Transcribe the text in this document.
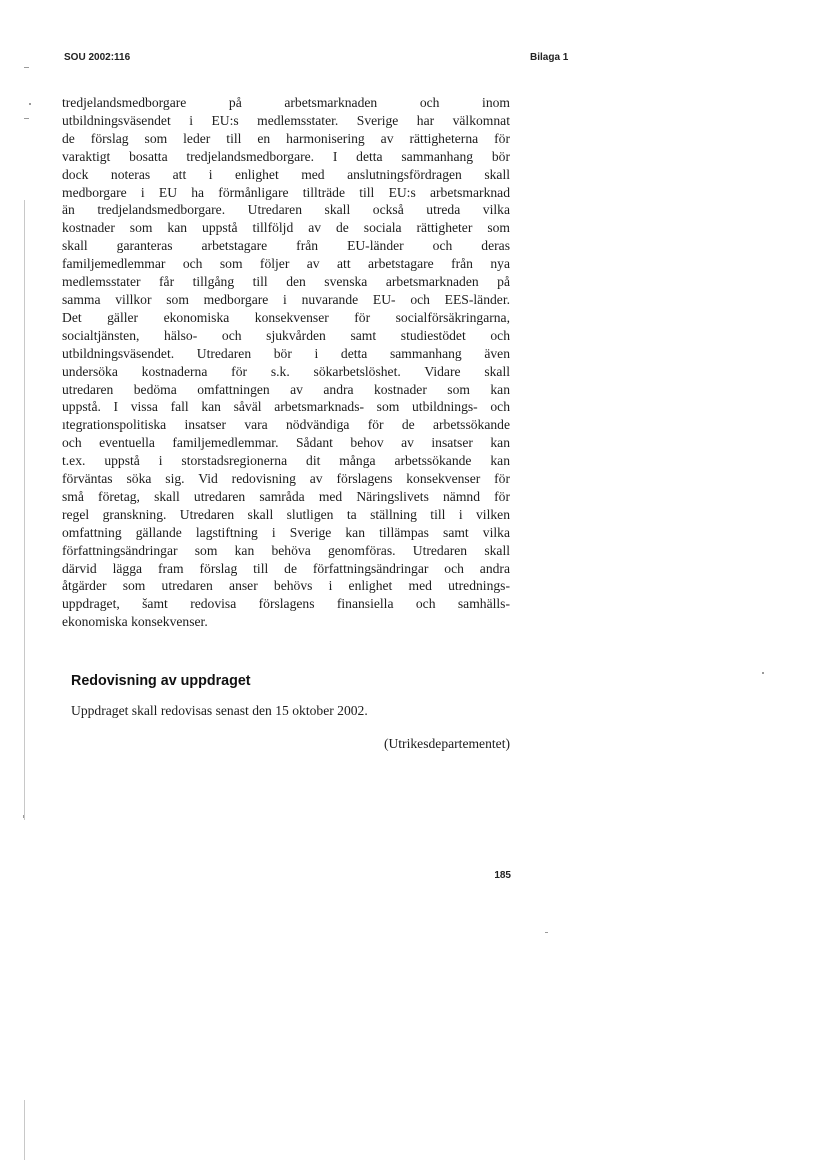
SOU 2002:116	Bilaga 1

tredjelandsmedborgare på arbetsmarknaden och inom
utbildningsväsendet i EU:s medlemsstater. Sverige har välkomnat
de förslag som leder till en harmonisering av rättigheterna för
varaktigt bosatta tredjelandsmedborgare. I detta sammanhang bör
dock noteras att i enlighet med anslutningsfördragen skall
medborgare i EU ha förmånligare tillträde till EU:s arbetsmarknad
än tredjelandsmedborgare. Utredaren skall också utreda vilka
kostnader som kan uppstå tillföljd av de sociala rättigheter som
skall garanteras arbetstagare från EU-länder och deras
familjemedlemmar och som följer av att arbetstagare från nya
medlemsstater får tillgång till den svenska arbetsmarknaden på
samma villkor som medborgare i nuvarande EU- och EES-länder.
Det gäller ekonomiska konsekvenser för socialförsäkringarna,
socialtjänsten, hälso- och sjukvården samt studiestödet och
utbildningsväsendet. Utredaren bör i detta sammanhang även
undersöka kostnaderna för s.k. sökarbetslöshet. Vidare skall
utredaren bedöma omfattningen av andra kostnader som kan
uppstå. I vissa fall kan såväl arbetsmarknads- som utbildnings- och
ıtegrationspolitiska insatser vara nödvändiga för de arbetssökande
och eventuella familjemedlemmar. Sådant behov av insatser kan
t.ex. uppstå i storstadsregionerna dit många arbetssökande kan
förväntas söka sig. Vid redovisning av förslagens konsekvenser för
små företag, skall utredaren samråda med Näringslivets nämnd för
regel granskning. Utredaren skall slutligen ta ställning till i vilken
omfattning gällande lagstiftning i Sverige kan tillämpas samt vilka
författningsändringar som kan behöva genomföras. Utredaren skall
därvid lägga fram förslag till de författningsändringar och andra
åtgärder som utredaren anser behövs i enlighet med utrednings-
uppdraget, šamt redovisa förslagens finansiella och samhälls-
ekonomiska konsekvenser.

Redovisning av uppdraget

Uppdraget skall redovisas senast den 15 oktober 2002.

(Utrikesdepartementet)

185
